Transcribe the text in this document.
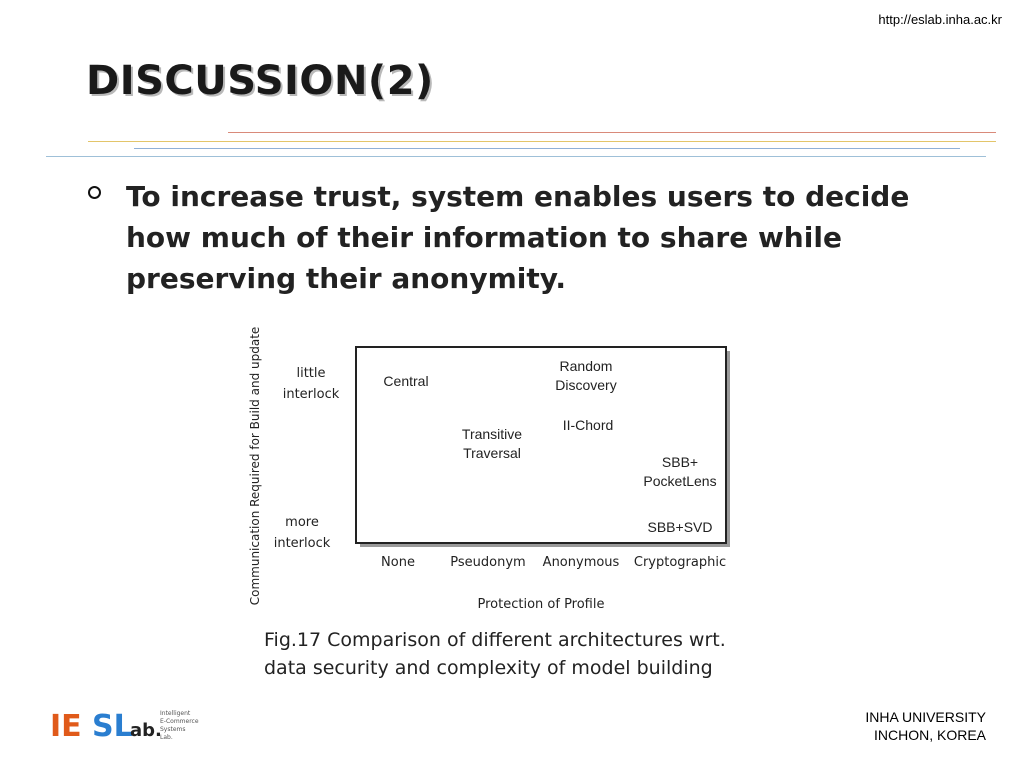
http://eslab.inha.ac.kr
DISCUSSION(2)
To increase trust, system enables users to decide how much of their information to share while preserving their anonymity.
Communication Required for Build and update	little
interlock
more
interlock
Central
Random
Discovery
II-Chord
Transitive
Traversal
SBB+
PocketLens
SBB+SVD
None	Pseudonym Anonymous Cryptographic
Protection of Profile
Fig.17 Comparison of different architectures wrt.
data security and complexity of model building
IE SL
ab.
Intelligent
E-Commerce
Systems
Lab.
INHA UNIVERSITY
INCHON, KOREA
